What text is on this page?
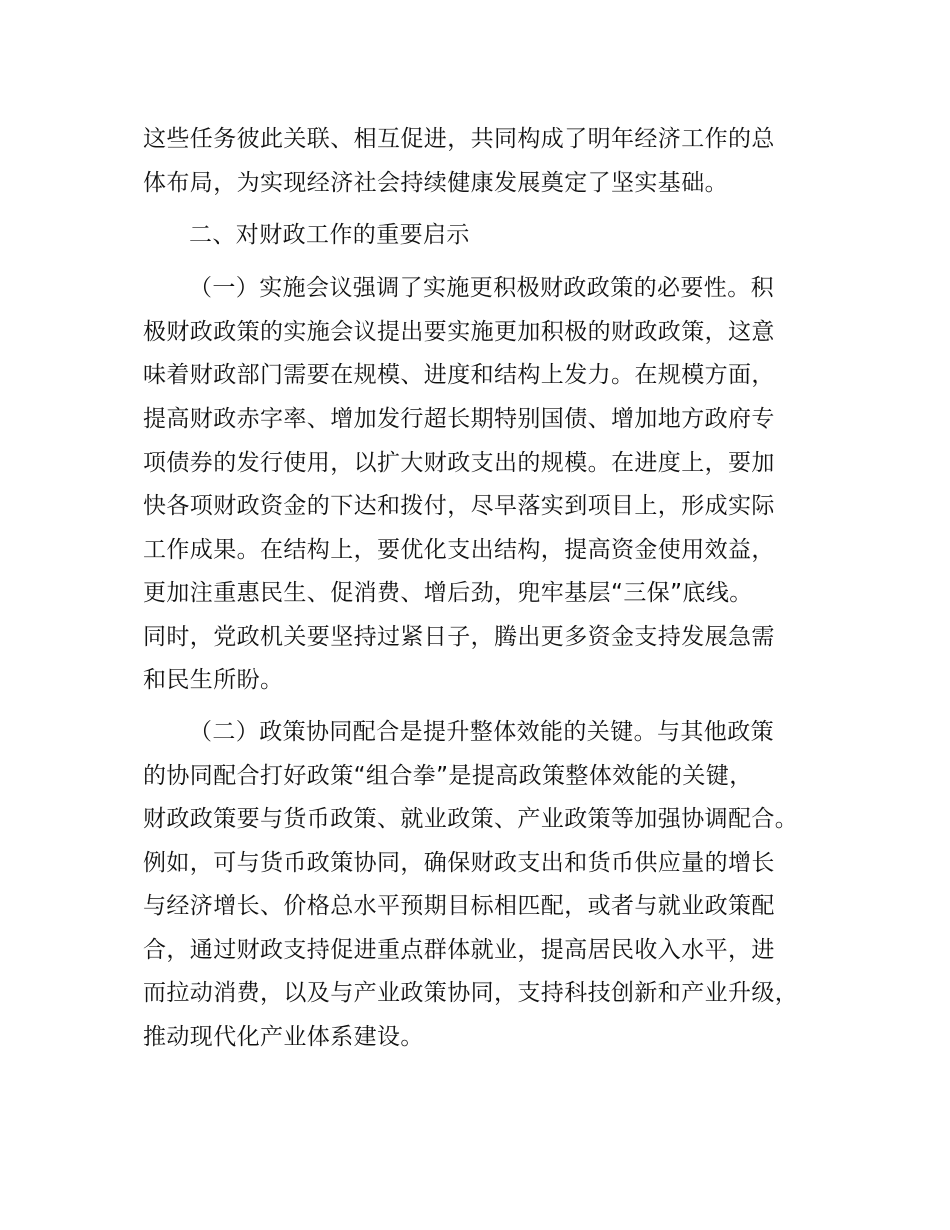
这些任务彼此关联、相互促进，共同构成了明年经济工作的总
体布局，为实现经济社会持续健康发展奠定了坚实基础。
二、对财政工作的重要启示
（一）实施会议强调了实施更积极财政政策的必要性。积
极财政政策的实施会议提出要实施更加积极的财政政策，这意
味着财政部门需要在规模、进度和结构上发力。在规模方面，
提高财政赤字率、增加发行超长期特别国债、增加地方政府专
项债券的发行使用，以扩大财政支出的规模。在进度上，要加
快各项财政资金的下达和拨付，尽早落实到项目上，形成实际
工作成果。在结构上，要优化支出结构，提高资金使用效益，
更加注重惠民生、促消费、增后劲，兜牢基层“三保”底线。
同时，党政机关要坚持过紧日子，腾出更多资金支持发展急需
和民生所盼。
（二）政策协同配合是提升整体效能的关键。与其他政策
的协同配合打好政策“组合拳”是提高政策整体效能的关键，
财政政策要与货币政策、就业政策、产业政策等加强协调配合。
例如，可与货币政策协同，确保财政支出和货币供应量的增长
与经济增长、价格总水平预期目标相匹配，或者与就业政策配
合，通过财政支持促进重点群体就业，提高居民收入水平，进
而拉动消费，以及与产业政策协同，支持科技创新和产业升级，
推动现代化产业体系建设。
